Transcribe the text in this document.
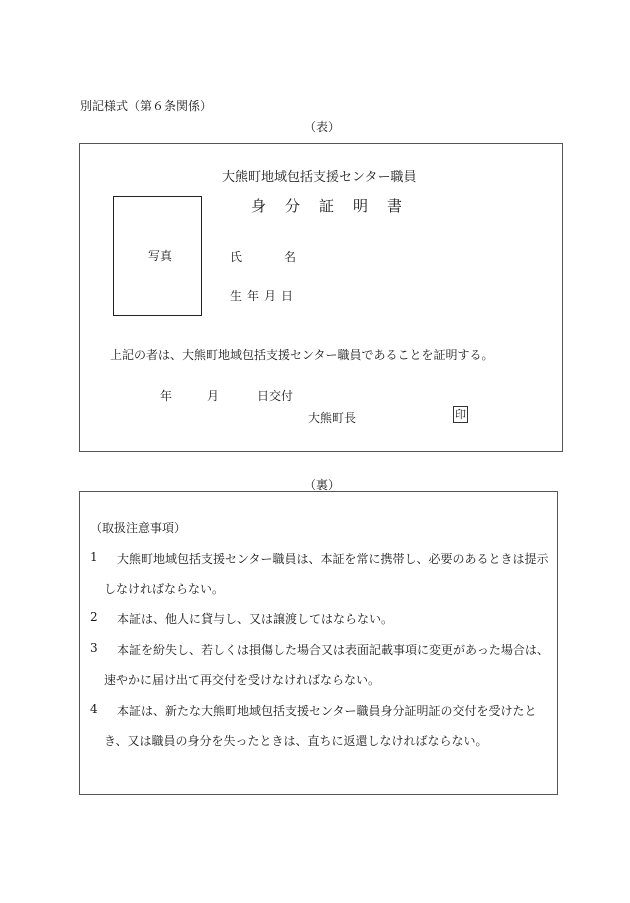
別記様式（第６条関係）
（表）
大熊町地域包括支援センター職員
身分証明書
写真	氏名
生年月日
上記の者は、大熊町地域包括支援センター職員であることを証明する。
年	月	日交付
大熊町長	印
（裏）
（取扱注意事項）
1 大熊町地域包括支援センター職員は、本証を常に携帯し、必要のあるときは提示
しなければならない。
2 本証は、他人に貸与し、又は譲渡してはならない。
3 本証を紛失し、若しくは損傷した場合又は表面記載事項に変更があった場合は、
速やかに届け出て再交付を受けなければならない。
4 本証は、新たな大熊町地域包括支援センター職員身分証明証の交付を受けたと
き、又は職員の身分を失ったときは、直ちに返還しなければならない。
